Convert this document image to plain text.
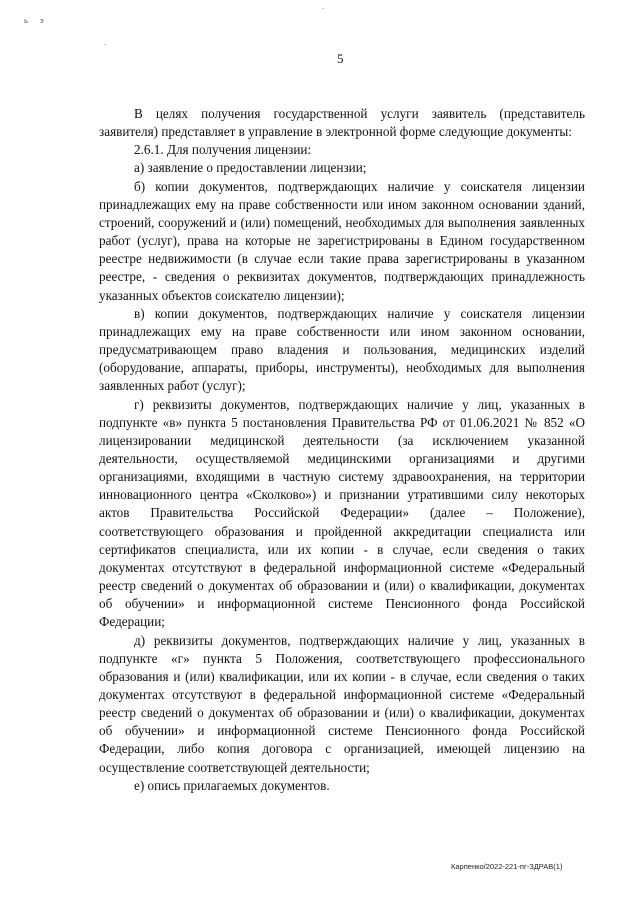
ь э
·
·
5

В целях получения государственной услуги заявитель (представитель заявителя) представляет в управление в электронной форме следующие документы:

2.6.1. Для получения лицензии:

а) заявление о предоставлении лицензии;

б) копии документов, подтверждающих наличие у соискателя лицензии принадлежащих ему на праве собственности или ином законном основании зданий, строений, сооружений и (или) помещений, необходимых для выполнения заявленных работ (услуг), права на которые не зарегистрированы в Едином государственном реестре недвижимости (в случае если такие права зарегистрированы в указанном реестре, - сведения о реквизитах документов, подтверждающих принадлежность указанных объектов соискателю лицензии);

в) копии документов, подтверждающих наличие у соискателя лицензии принадлежащих ему на праве собственности или ином законном основании, предусматривающем право владения и пользования, медицинских изделий (оборудование, аппараты, приборы, инструменты), необходимых для выполнения заявленных работ (услуг);

г) реквизиты документов, подтверждающих наличие у лиц, указанных в подпункте «в» пункта 5 постановления Правительства РФ от 01.06.2021 № 852 «О лицензировании медицинской деятельности (за исключением указанной деятельности, осуществляемой медицинскими организациями и другими организациями, входящими в частную систему здравоохранения, на территории инновационного центра «Сколково») и признании утратившими силу некоторых актов Правительства Российской Федерации» (далее – Положение), соответствующего образования и пройденной аккредитации специалиста или сертификатов специалиста, или их копии - в случае, если сведения о таких документах отсутствуют в федеральной информационной системе «Федеральный реестр сведений о документах об образовании и (или) о квалификации, документах об обучении» и информационной системе Пенсионного фонда Российской Федерации;

д) реквизиты документов, подтверждающих наличие у лиц, указанных в подпункте «г» пункта 5 Положения, соответствующего профессионального образования и (или) квалификации, или их копии - в случае, если сведения о таких документах отсутствуют в федеральной информационной системе «Федеральный реестр сведений о документах об образовании и (или) о квалификации, документах об обучении» и информационной системе Пенсионного фонда Российской Федерации, либо копия договора с организацией, имеющей лицензию на осуществление соответствующей деятельности;

е) опись прилагаемых документов.

Карпенко/2022-221-пг-ЗДРАВ(1)
